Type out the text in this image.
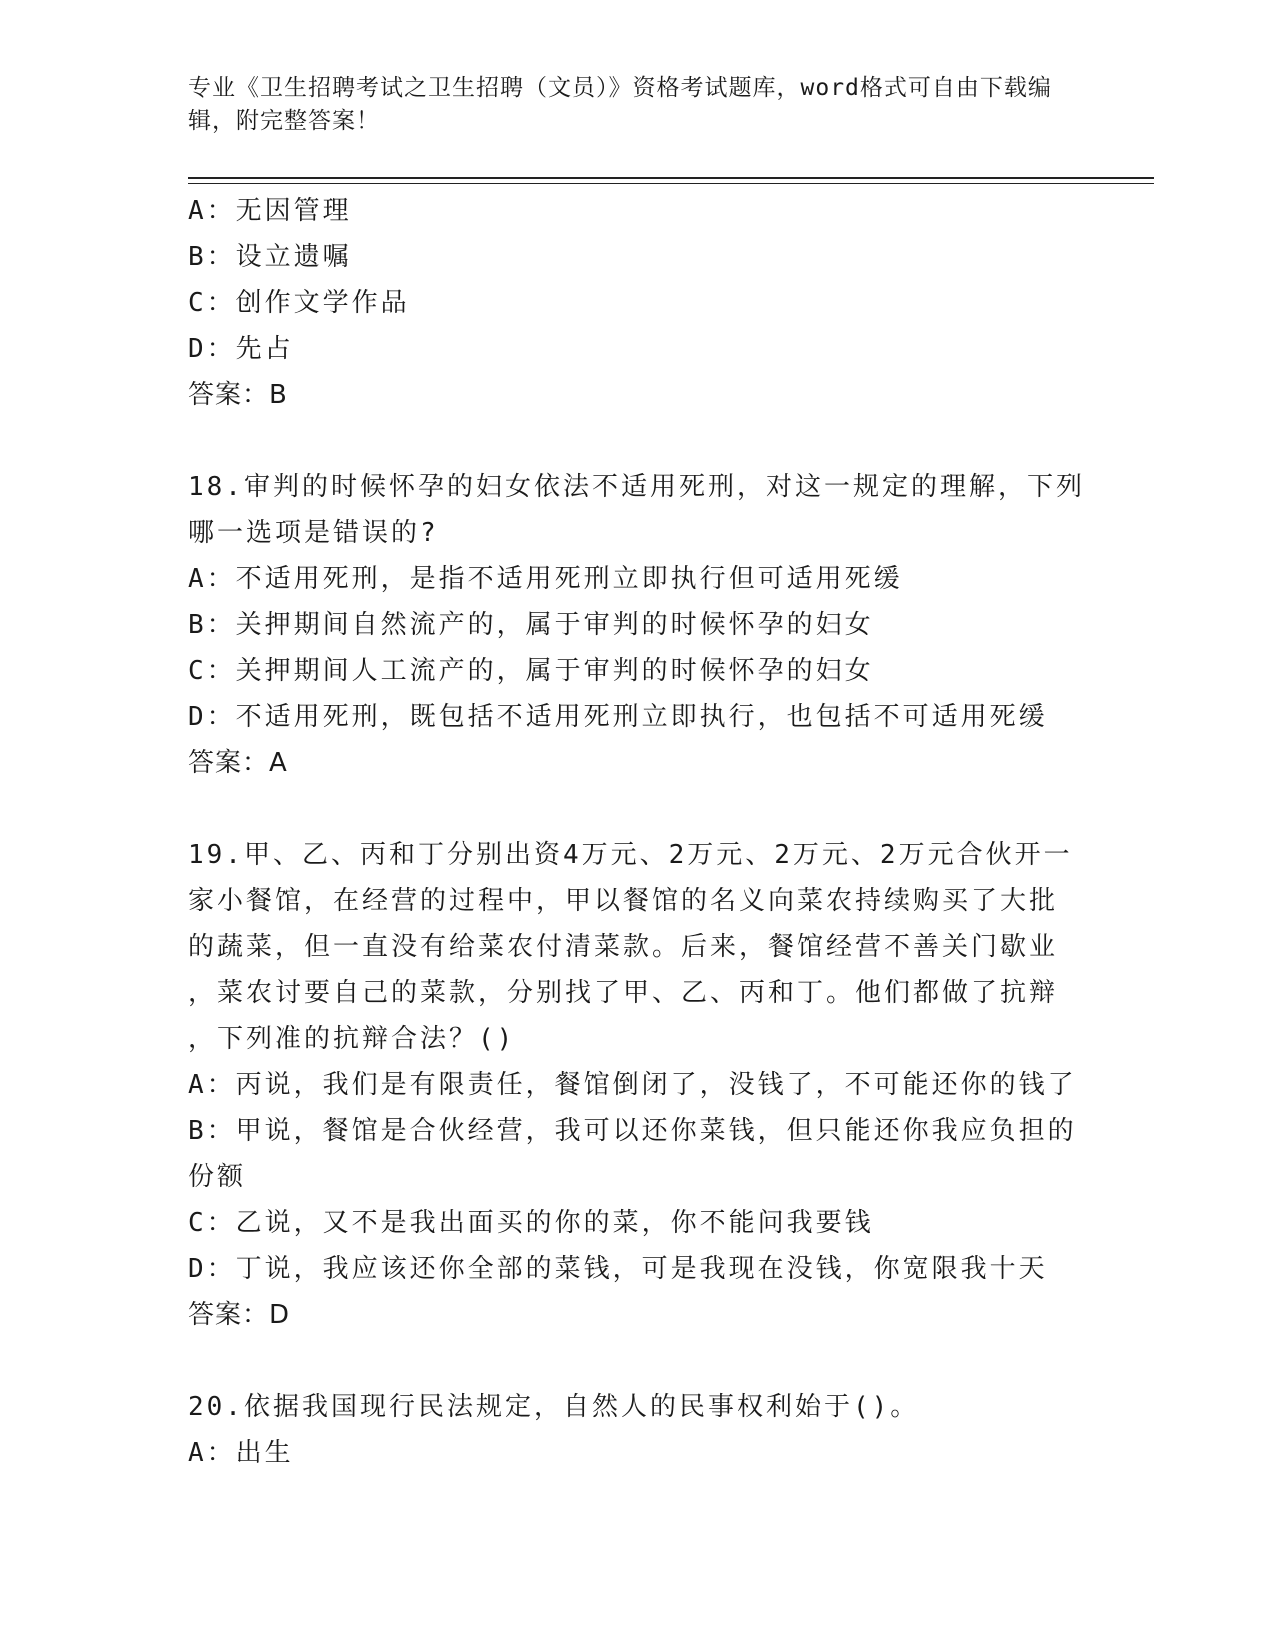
专业《卫生招聘考试之卫生招聘（文员）》资格考试题库，word格式可自由下载编辑，附完整答案！
A：无因管理
B：设立遗嘱
C：创作文学作品
D：先占
答案：B
18.审判的时候怀孕的妇女依法不适用死刑，对这一规定的理解，下列
哪一选项是错误的?
A：不适用死刑，是指不适用死刑立即执行但可适用死缓
B：关押期间自然流产的，属于审判的时候怀孕的妇女
C：关押期间人工流产的，属于审判的时候怀孕的妇女
D：不适用死刑，既包括不适用死刑立即执行，也包括不可适用死缓
答案：A
19.甲、乙、丙和丁分别出资4万元、2万元、2万元、2万元合伙开一
家小餐馆，在经营的过程中，甲以餐馆的名义向菜农持续购买了大批
的蔬菜，但一直没有给菜农付清菜款。后来，餐馆经营不善关门歇业
，菜农讨要自己的菜款，分别找了甲、乙、丙和丁。他们都做了抗辩
，下列准的抗辩合法？()
A：丙说，我们是有限责任，餐馆倒闭了，没钱了，不可能还你的钱了
B：甲说，餐馆是合伙经营，我可以还你菜钱，但只能还你我应负担的
份额
C：乙说，又不是我出面买的你的菜，你不能问我要钱
D：丁说，我应该还你全部的菜钱，可是我现在没钱，你宽限我十天
答案：D
20.依据我国现行民法规定，自然人的民事权利始于()。
A：出生
